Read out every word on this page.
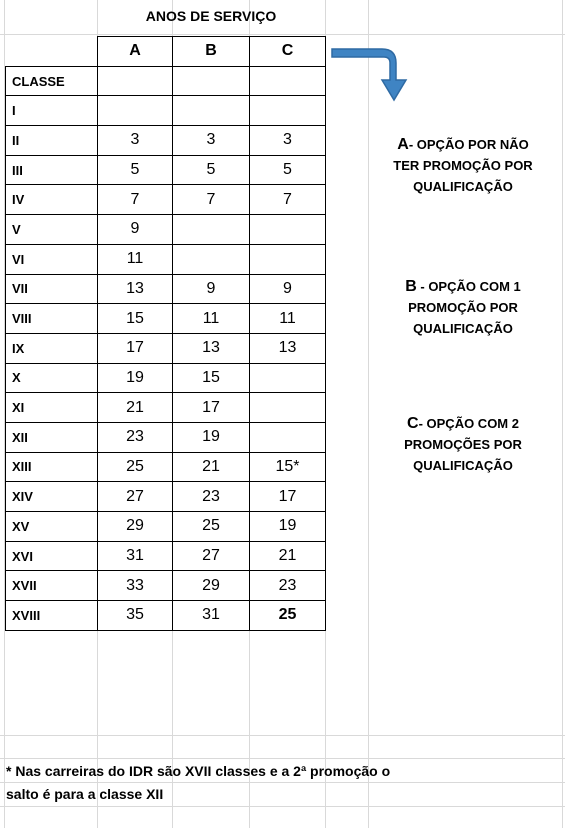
ANOS DE SERVIÇO
	A	B	C
CLASSE			
I			
II	3	3	3
III	5	5	5
IV	7	7	7
V	9		
VI	11		
VII	13	9	9
VIII	15	11	11
IX	17	13	13
X	19	15	
XI	21	17	
XII	23	19	
XIII	25	21	15*
XIV	27	23	17
XV	29	25	19
XVI	31	27	21
XVII	33	29	23
XVIII	35	31	25
A- OPÇÃO POR NÃO
TER PROMOÇÃO POR
QUALIFICAÇÃO
B - OPÇÃO COM 1
PROMOÇÃO POR
QUALIFICAÇÃO
C- OPÇÃO COM 2
PROMOÇÕES POR
QUALIFICAÇÃO
* Nas carreiras do IDR são XVII classes e a 2ª promoção o
salto é para a classe XII
